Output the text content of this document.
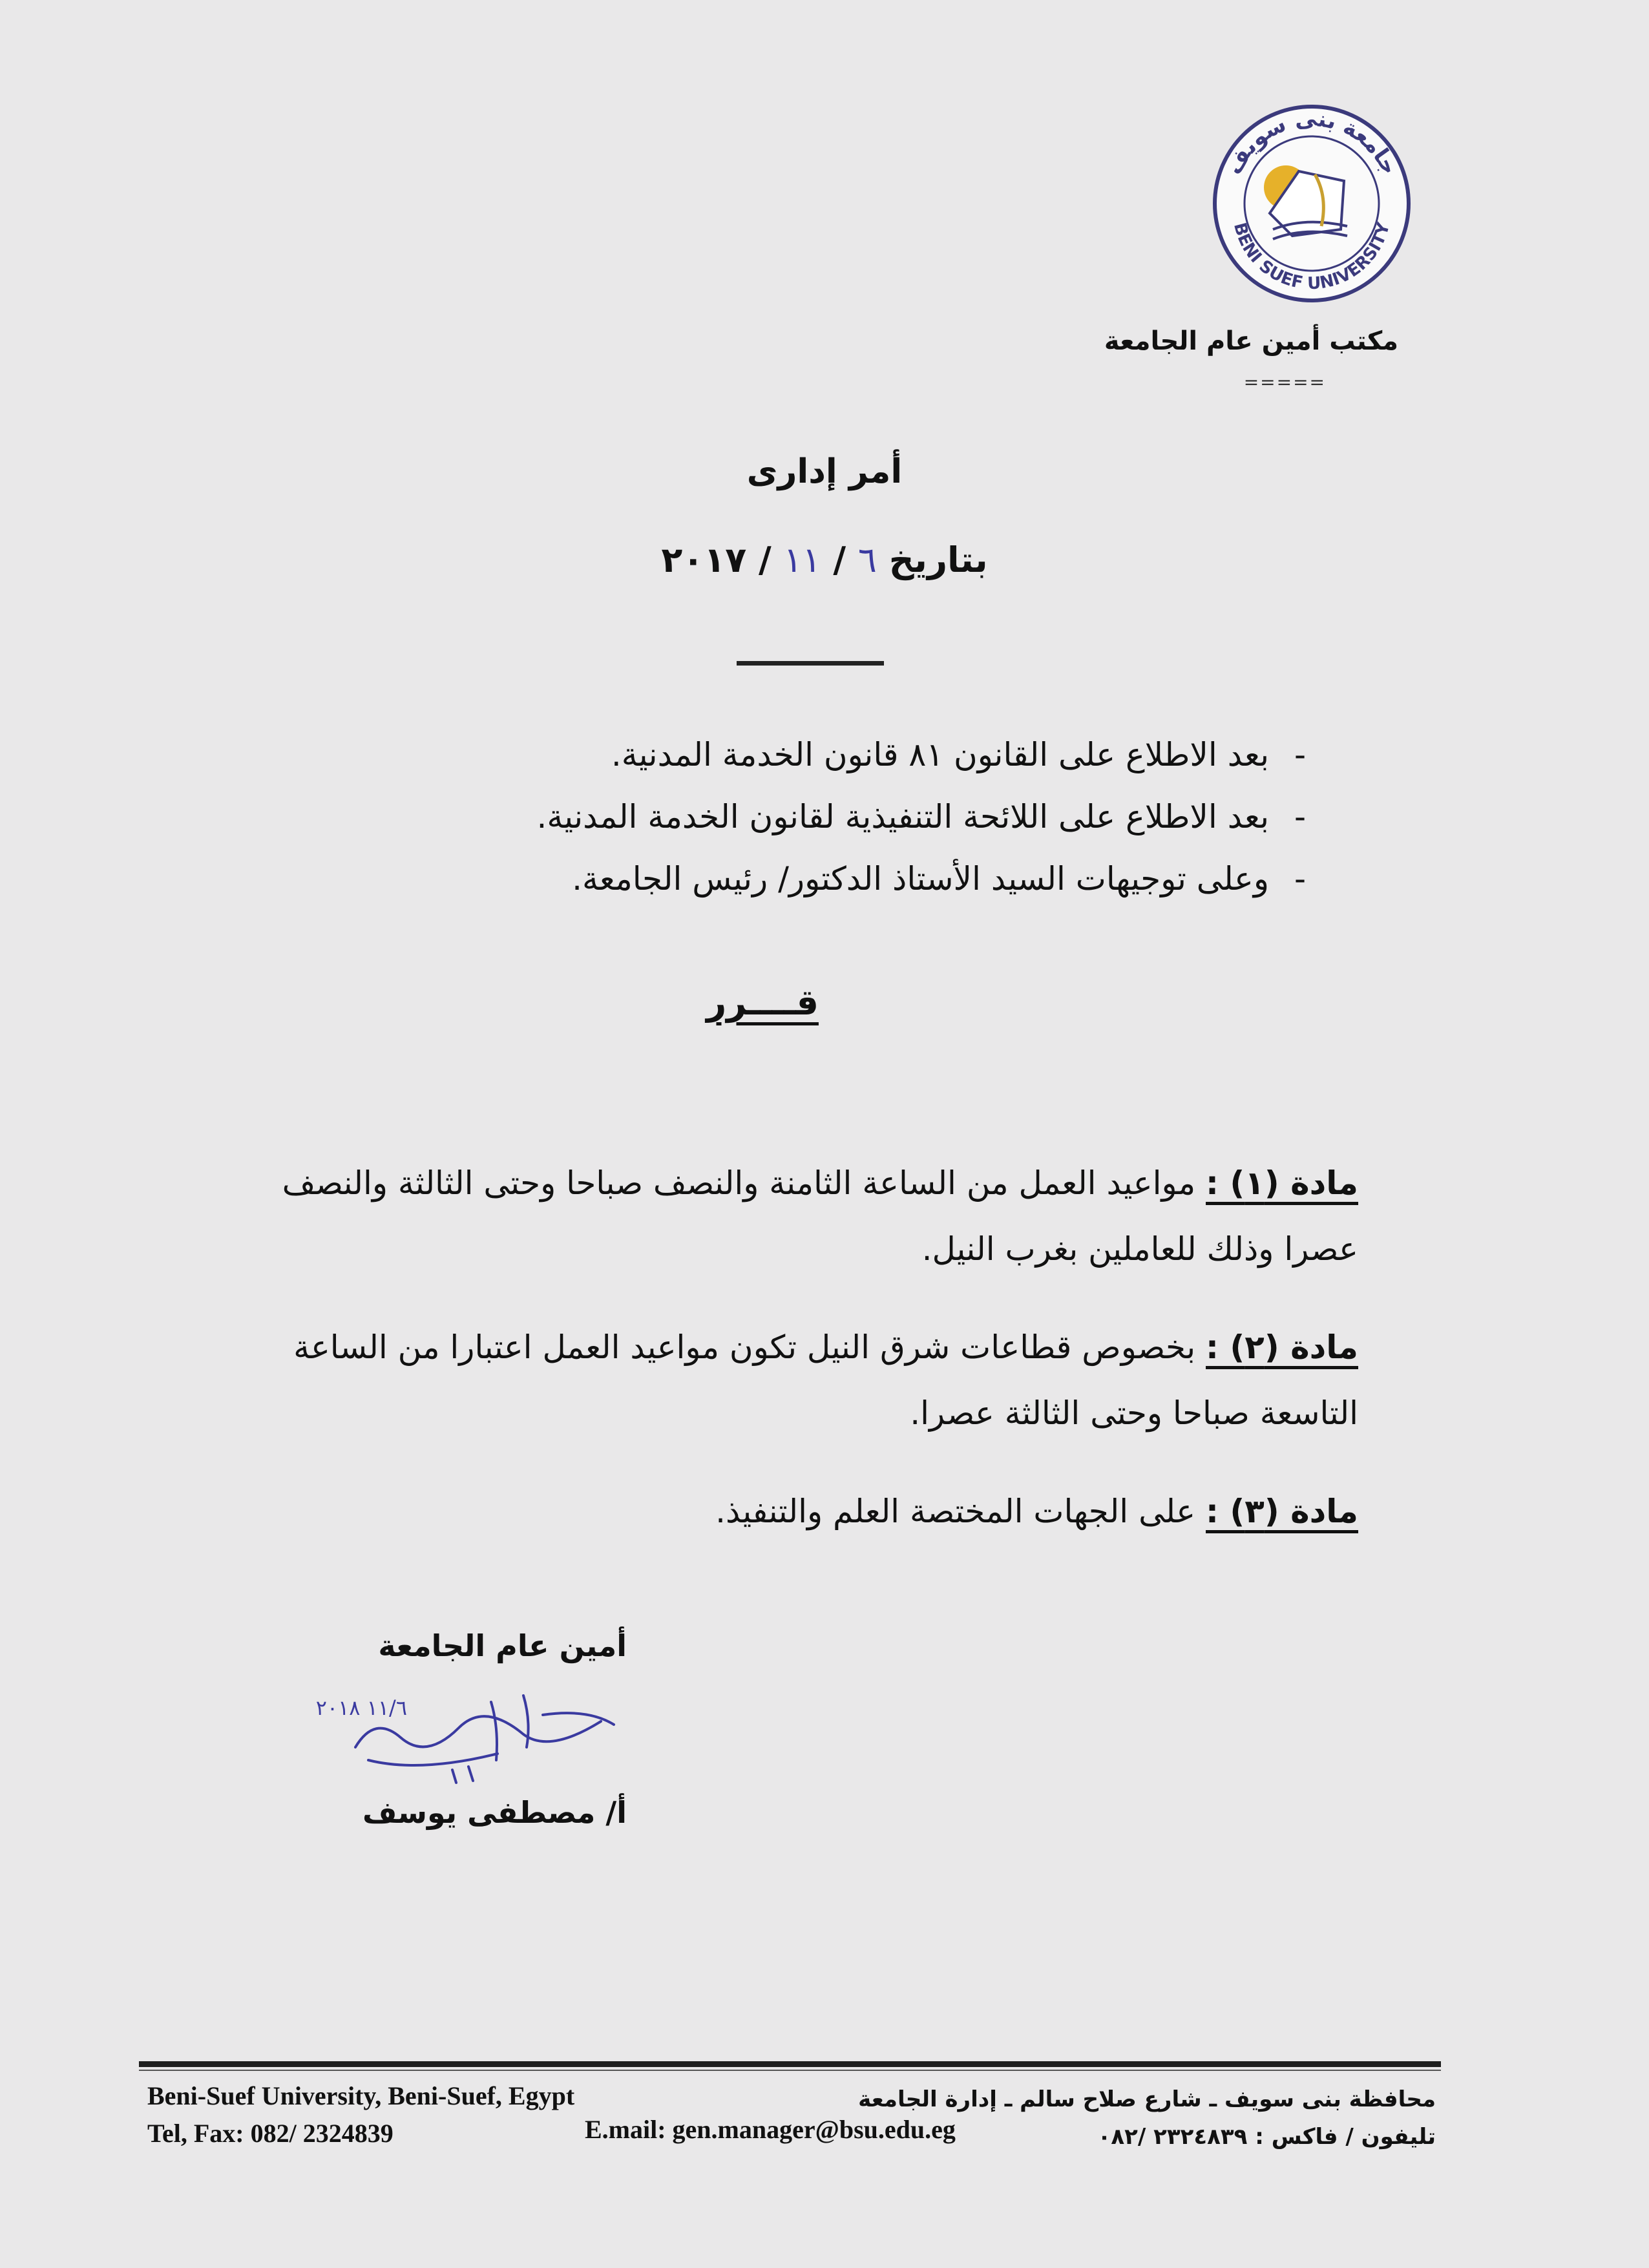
جامعة بنى سويف
BENI SUEF UNIVERSITY
مكتب أمين عام الجامعة
=====
أمر إدارى
بتاريخ ٦ / ١١ / ٢٠١٧
-
بعد الاطلاع على القانون ٨١ قانون الخدمة المدنية.
-
بعد الاطلاع على اللائحة التنفيذية لقانون الخدمة المدنية.
-
وعلى توجيهات السيد الأستاذ الدكتور/ رئيس الجامعة.
قــــرر
مادة (١) : مواعيد العمل من الساعة الثامنة والنصف صباحا وحتى الثالثة والنصف عصرا وذلك للعاملين بغرب النيل.
مادة (٢) : بخصوص قطاعات شرق النيل تكون مواعيد العمل اعتبارا من الساعة التاسعة صباحا وحتى الثالثة عصرا.
مادة (٣) : على الجهات المختصة العلم والتنفيذ.
أمين عام الجامعة
١١/٦ ٢٠١٨
أ/ مصطفى يوسف
Beni-Suef University, Beni-Suef, Egypt
Tel, Fax: 082/ 2324839	E.mail: gen.manager@bsu.edu.eg
محافظة بنى سويف ـ شارع صلاح سالم ـ إدارة الجامعة
تليفون / فاكس : ٢٣٢٤٨٣٩ /٠٨٢
